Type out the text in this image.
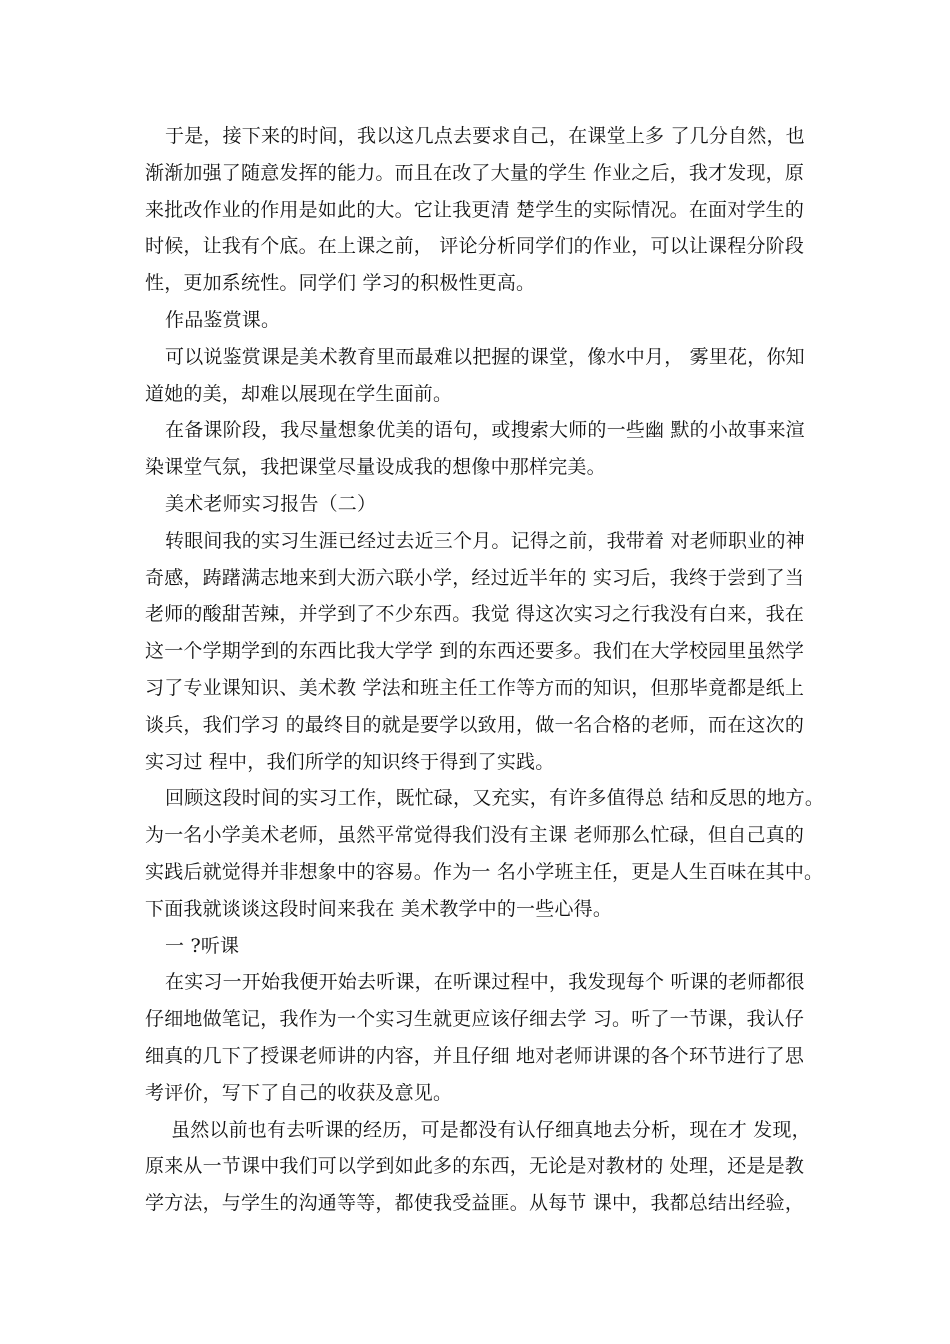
于是，接下来的时间，我以这几点去要求自己，在课堂上多 了几分自然，也
渐渐加强了随意发挥的能力。而且在改了大量的学生 作业之后，我才发现，原
来批改作业的作用是如此的大。它让我更清 楚学生的实际情况。在面对学生的
时候，让我有个底。在上课之前， 评论分析同学们的作业，可以让课程分阶段
性，更加系统性。同学们 学习的积极性更高。
作品鉴赏课。
可以说鉴赏课是美术教育里而最难以把握的课堂，像水中月， 雾里花，你知
道她的美，却难以展现在学生面前。
在备课阶段，我尽量想象优美的语句，或搜索大师的一些幽 默的小故事来渲
染课堂气氛，我把课堂尽量设成我的想像中那样完美。
美术老师实习报告（二）
转眼间我的实习生涯已经过去近三个月。记得之前，我带着 对老师职业的神
奇感，踌躇满志地来到大沥六联小学，经过近半年的 实习后，我终于尝到了当
老师的酸甜苦辣，并学到了不少东西。我觉 得这次实习之行我没有白来，我在
这一个学期学到的东西比我大学学 到的东西还要多。我们在大学校园里虽然学
习了专业课知识、美术教 学法和班主任工作等方而的知识，但那毕竟都是纸上
谈兵，我们学习 的最终目的就是要学以致用，做一名合格的老师，而在这次的
实习过 程中，我们所学的知识终于得到了实践。
回顾这段时间的实习工作，既忙碌，又充实，有许多值得总 结和反思的地方。
为一名小学美术老师，虽然平常觉得我们没有主课 老师那么忙碌，但自己真的
实践后就觉得并非想象中的容易。作为一 名小学班主任，更是人生百味在其中。
下面我就谈谈这段时间来我在 美术教学中的一些心得。
一 ?听课
在实习一开始我便开始去听课，在听课过程中，我发现每个 听课的老师都很
仔细地做笔记，我作为一个实习生就更应该仔细去学 习。听了一节课，我认仔
细真的几下了授课老师讲的内容，并且仔细 地对老师讲课的各个环节进行了思
考评价，写下了自己的收获及意见。
虽然以前也有去听课的经历，可是都没有认仔细真地去分析，现在才 发现，
原来从一节课中我们可以学到如此多的东西，无论是对教材的 处理，还是是教
学方法，与学生的沟通等等，都使我受益匪。从每节 课中，我都总结出经验，
